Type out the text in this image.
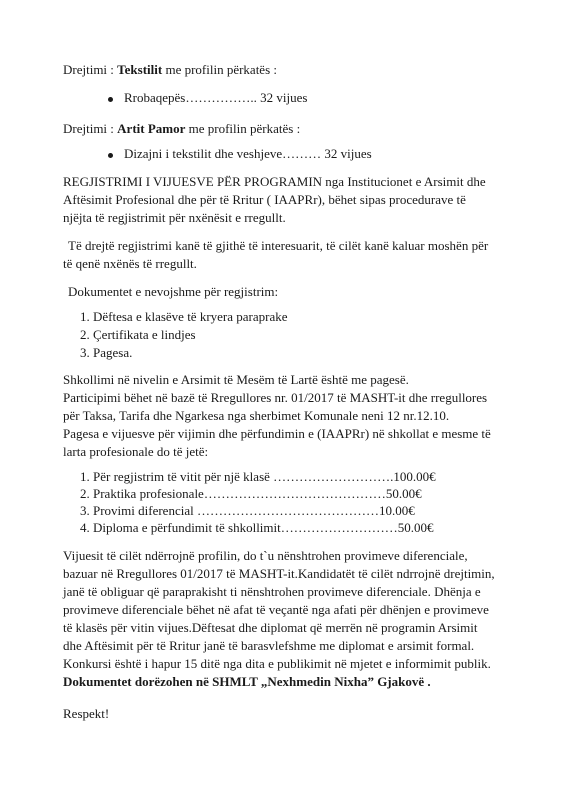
Drejtimi : Tekstilit me profilin përkatës :
Rrobaqepës…………….. 32 vijues
Drejtimi : Artit Pamor me profilin përkatës :
Dizajni i tekstilit dhe veshjeve……… 32 vijues
REGJISTRIMI I VIJUESVE PËR PROGRAMIN nga Institucionet e Arsimit dhe
Aftësimit Profesional dhe për të Rritur ( IAAPRr), bëhet sipas procedurave të
njëjta të regjistrimit për nxënësit e rregullt.
Të drejtë regjistrimi kanë të gjithë të interesuarit, të cilët kanë kaluar moshën për
të qenë nxënës të rregullt.
Dokumentet e nevojshme për regjistrim:
1. Dëftesa e klasëve të kryera paraprake
2. Çertifikata e lindjes
3. Pagesa.
Shkollimi në nivelin e Arsimit të Mesëm të Lartë është me pagesë.
Participimi bëhet në bazë të Rregullores nr. 01/2017 të MASHT-it dhe rregullores
për Taksa, Tarifa dhe Ngarkesa nga sherbimet Komunale neni 12 nr.12.10.
Pagesa e vijuesve për vijimin dhe përfundimin e (IAAPRr) në shkollat e mesme të
larta profesionale do të jetë:
1. Për regjistrim të vitit për një klasë ……………………….100.00€
2. Praktika profesionale……………………………………50.00€
3. Provimi diferencial ……………………………………10.00€
4. Diploma e përfundimit të shkollimit………………………50.00€
Vijuesit të cilët ndërrojnë profilin, do t`u nënshtrohen provimeve diferenciale,
bazuar në Rregullores 01/2017 të MASHT-it.Kandidatët të cilët ndrrojnë drejtimin,
janë të obliguar që paraprakisht ti nënshtrohen provimeve diferenciale. Dhënja e
provimeve diferenciale bëhet në afat të veçantë nga afati për dhënjen e provimeve
të klasës për vitin vijues.Dëftesat dhe diplomat që merrën në programin Arsimit
dhe Aftësimit për të Rritur janë të barasvlefshme me diplomat e arsimit formal.
Konkursi është i hapur 15 ditë nga dita e publikimit në mjetet e informimit publik.
Dokumentet dorëzohen në SHMLT „Nexhmedin Nixha” Gjakovë .
Respekt!
